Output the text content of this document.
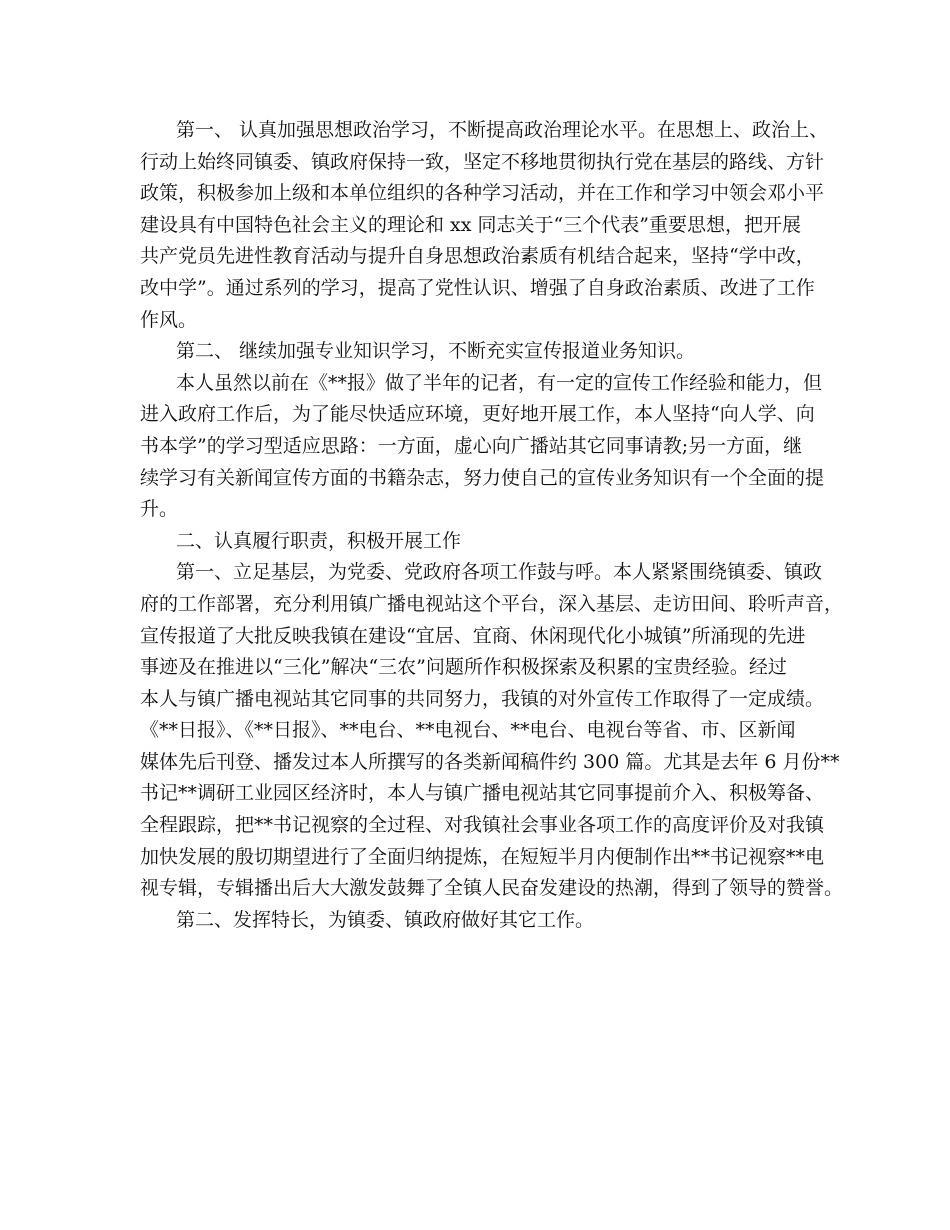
第一、 认真加强思想政治学习，不断提高政治理论水平。在思想上、政治上、
行动上始终同镇委、镇政府保持一致，坚定不移地贯彻执行党在基层的路线、方针
政策，积极参加上级和本单位组织的各种学习活动，并在工作和学习中领会邓小平
建设具有中国特色社会主义的理论和 xx 同志关于“三个代表”重要思想，把开展
共产党员先进性教育活动与提升自身思想政治素质有机结合起来，坚持“学中改，
改中学”。通过系列的学习，提高了党性认识、增强了自身政治素质、改进了工作
作风。
第二、 继续加强专业知识学习，不断充实宣传报道业务知识。
本人虽然以前在《**报》做了半年的记者，有一定的宣传工作经验和能力，但
进入政府工作后，为了能尽快适应环境，更好地开展工作，本人坚持“向人学、向
书本学”的学习型适应思路：一方面，虚心向广播站其它同事请教;另一方面，继
续学习有关新闻宣传方面的书籍杂志，努力使自己的宣传业务知识有一个全面的提
升。
二、认真履行职责，积极开展工作
第一、立足基层，为党委、党政府各项工作鼓与呼。本人紧紧围绕镇委、镇政
府的工作部署，充分利用镇广播电视站这个平台，深入基层、走访田间、聆听声音，
宣传报道了大批反映我镇在建设“宜居、宜商、休闲现代化小城镇”所涌现的先进
事迹及在推进以“三化”解决“三农”问题所作积极探索及积累的宝贵经验。经过
本人与镇广播电视站其它同事的共同努力，我镇的对外宣传工作取得了一定成绩。
《**日报》、《**日报》、**电台、**电视台、**电台、电视台等省、市、区新闻
媒体先后刊登、播发过本人所撰写的各类新闻稿件约 300 篇。尤其是去年 6 月份**
书记**调研工业园区经济时，本人与镇广播电视站其它同事提前介入、积极筹备、
全程跟踪，把**书记视察的全过程、对我镇社会事业各项工作的高度评价及对我镇
加快发展的殷切期望进行了全面归纳提炼，在短短半月内便制作出**书记视察**电
视专辑，专辑播出后大大激发鼓舞了全镇人民奋发建设的热潮，得到了领导的赞誉。
第二、发挥特长，为镇委、镇政府做好其它工作。
